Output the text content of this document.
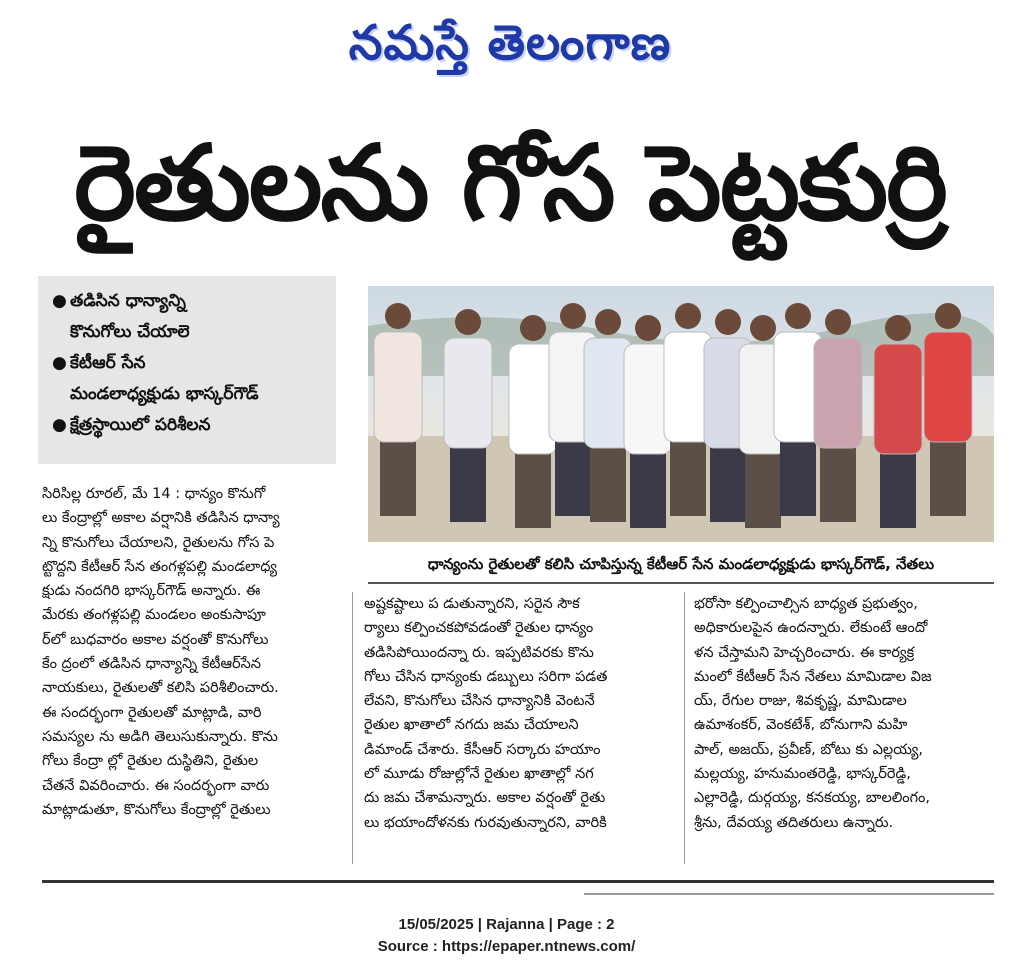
నమస్తే తెలంగాణ
రైతులను గోస పెట్టకుర్రి
● తడిసిన ధాన్యాన్ని
కొనుగోలు చేయాలె
● కేటీఆర్ సేన
మండలాధ్యక్షుడు భాస్కర్‌గౌడ్
● క్షేత్రస్థాయిలో పరిశీలన
ధాన్యంను రైతులతో కలిసి చూపిస్తున్న కేటీఆర్ సేన మండలాధ్యక్షుడు భాస్కర్‌గౌడ్, నేతలు

సిరిసిల్ల రూరల్, మే 14 : ధాన్యం కొనుగో

లు కేంద్రాల్లో అకాల వర్షానికి తడిసిన ధాన్యా

న్ని కొనుగోలు చేయాలని, రైతులను గోస పె

ట్టొద్దని కేటీఆర్ సేన తంగళ్లపల్లి మండలాధ్య

క్షుడు నందగిరి భాస్కర్‌గౌడ్ అన్నారు. ఈ

మేరకు తంగళ్లపల్లి మండలం అంకుసాపూ

ర్‌లో బుధవారం అకాల వర్షంతో కొనుగోలు

కేం ద్రంలో తడిసిన ధాన్యాన్ని కేటీఆర్‌సేన

నాయకులు, రైతులతో కలిసి పరిశీలించారు.

ఈ సందర్భంగా రైతులతో మాట్లాడి, వారి

సమస్యల ను అడిగి తెలుసుకున్నారు. కొను

గోలు కేంద్రా ల్లో రైతుల దుస్థితిని, రైతుల

చేతనే వివరించారు. ఈ సందర్భంగా వారు

మాట్లాడుతూ, కొనుగోలు కేంద్రాల్లో రైతులు

అష్టకష్టాలు ప డుతున్నారని, సరైన సౌక

ర్యాలు కల్పించకపోవడంతో రైతుల ధాన్యం

తడిసిపోయిందన్నా రు. ఇప్పటివరకు కొను

గోలు చేసిన ధాన్యంకు డబ్బులు సరిగా పడత

లేవని, కొనుగోలు చేసిన ధాన్యానికి వెంటనే

రైతుల ఖాతాలో నగదు జమ చేయాలని

డిమాండ్ చేశారు. కేసీఆర్ సర్కారు హయాం

లో మూడు రోజుల్లోనే రైతుల ఖాతాల్లో నగ

దు జమ చేశామన్నారు. అకాల వర్షంతో రైతు

లు భయాందోళనకు గురవుతున్నారని, వారికి

భరోసా కల్పించాల్సిన బాధ్యత ప్రభుత్వం,

అధికారులపైన ఉందన్నారు. లేకుంటే ఆందో

ళన చేస్తామని హెచ్చరించారు. ఈ కార్యక్ర

మంలో కేటీఆర్ సేన నేతలు మామిడాల విజ

య్, రేగుల రాజు, శివకృష్ణ, మామిడాల

ఉమాశంకర్, వెంకటేశ్, బోనుగాని మహి

పాల్, అజయ్, ప్రవీణ్, బోటు కు ఎల్లయ్య,

మల్లయ్య, హనుమంతరెడ్డి, భాస్కర్‌రెడ్డి,

ఎల్లారెడ్డి, దుర్గయ్య, కనకయ్య, బాలలింగం,

శ్రీను, దేవయ్య తదితరులు ఉన్నారు.

15/05/2025 | Rajanna | Page : 2
Source : https://epaper.ntnews.com/
